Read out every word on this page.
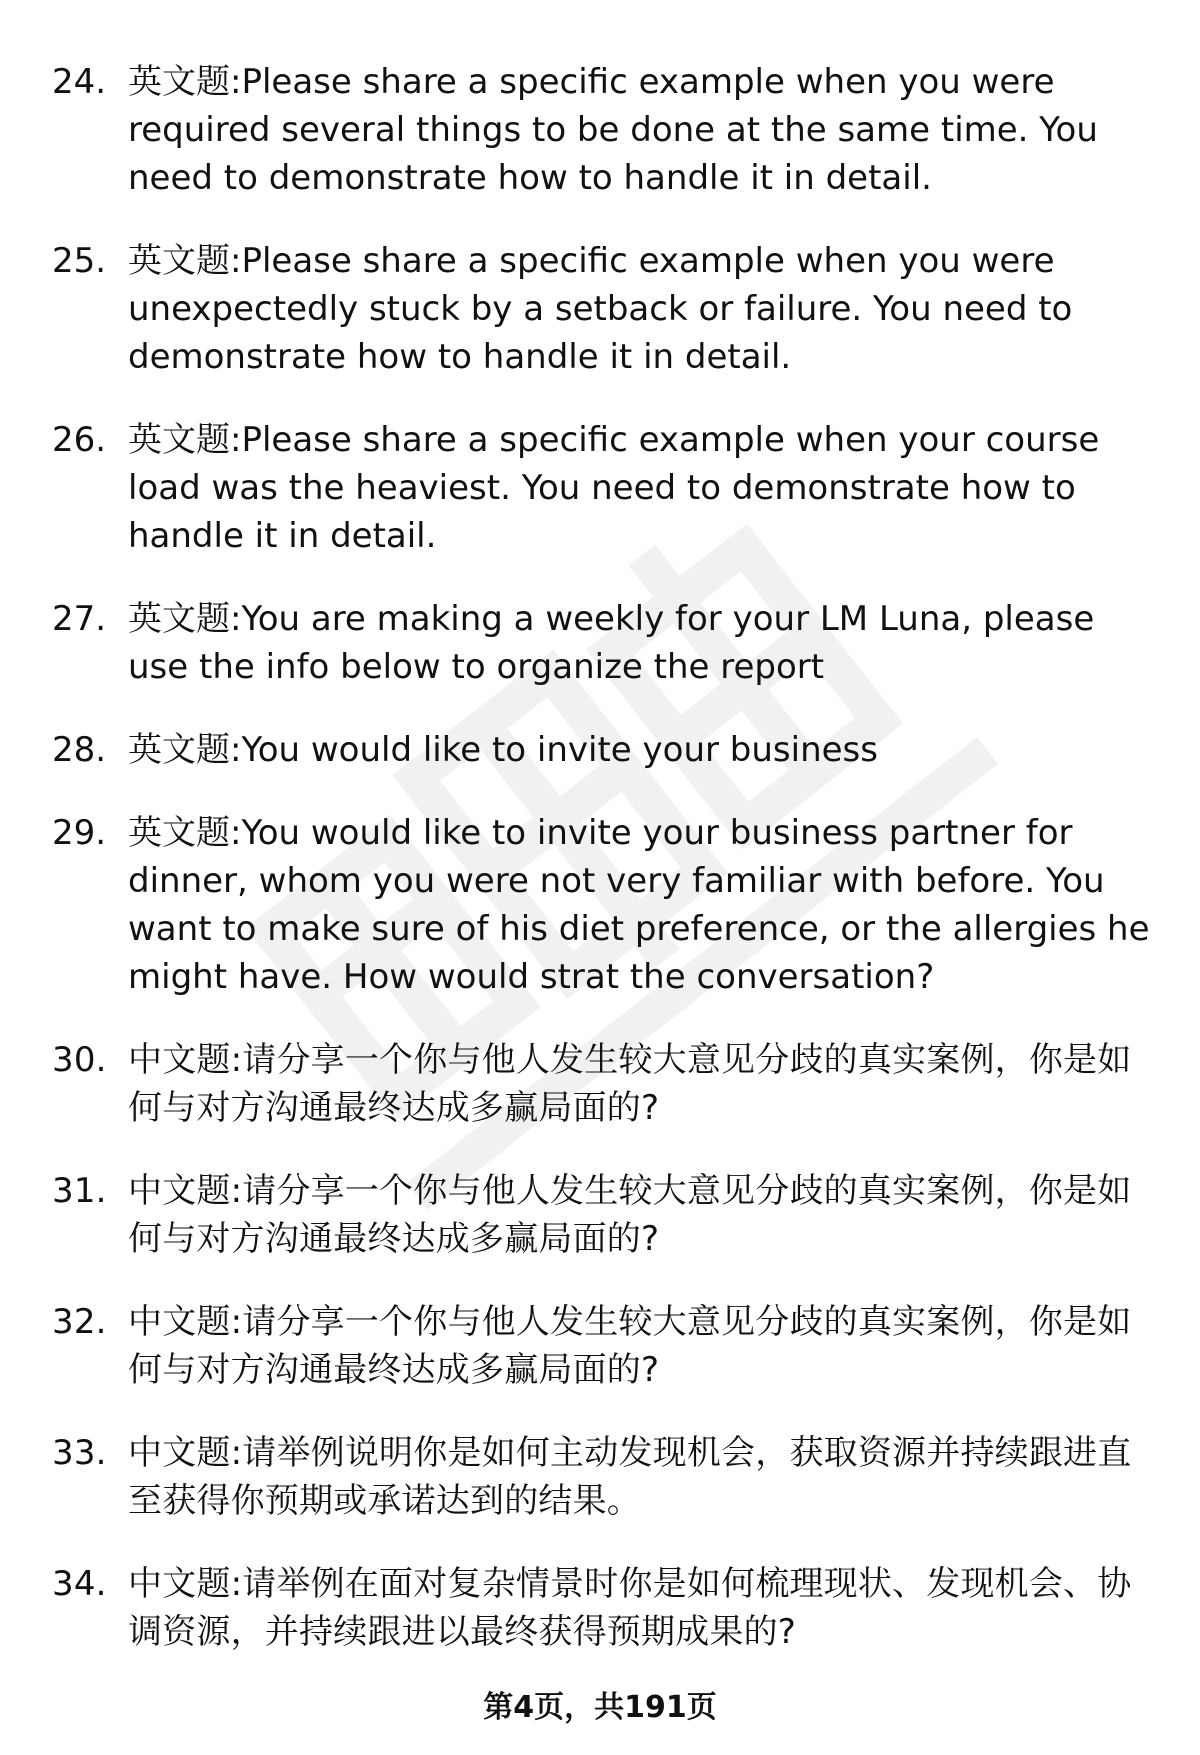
24. 英文题:Please share a specific example when you were required several things to be done at the same time. You need to demonstrate how to handle it in detail.
25. 英文题:Please share a specific example when you were unexpectedly stuck by a setback or failure. You need to demonstrate how to handle it in detail.
26. 英文题:Please share a specific example when your course load was the heaviest. You need to demonstrate how to handle it in detail.
27. 英文题:You are making a weekly for your LM Luna, please use the info below to organize the report
28. 英文题:You would like to invite your business
29. 英文题:You would like to invite your business partner for dinner, whom you were not very familiar with before. You want to make sure of his diet preference, or the allergies he might have. How would strat the conversation?
30. 中文题:请分享一个你与他人发生较大意见分歧的真实案例，你是如何与对方沟通最终达成多赢局面的?
31. 中文题:请分享一个你与他人发生较大意见分歧的真实案例，你是如何与对方沟通最终达成多赢局面的?
32. 中文题:请分享一个你与他人发生较大意见分歧的真实案例，你是如何与对方沟通最终达成多赢局面的?
33. 中文题:请举例说明你是如何主动发现机会，获取资源并持续跟进直至获得你预期或承诺达到的结果。
34. 中文题:请举例在面对复杂情景时你是如何梳理现状、发现机会、协调资源，并持续跟进以最终获得预期成果的?
第4页，共191页
